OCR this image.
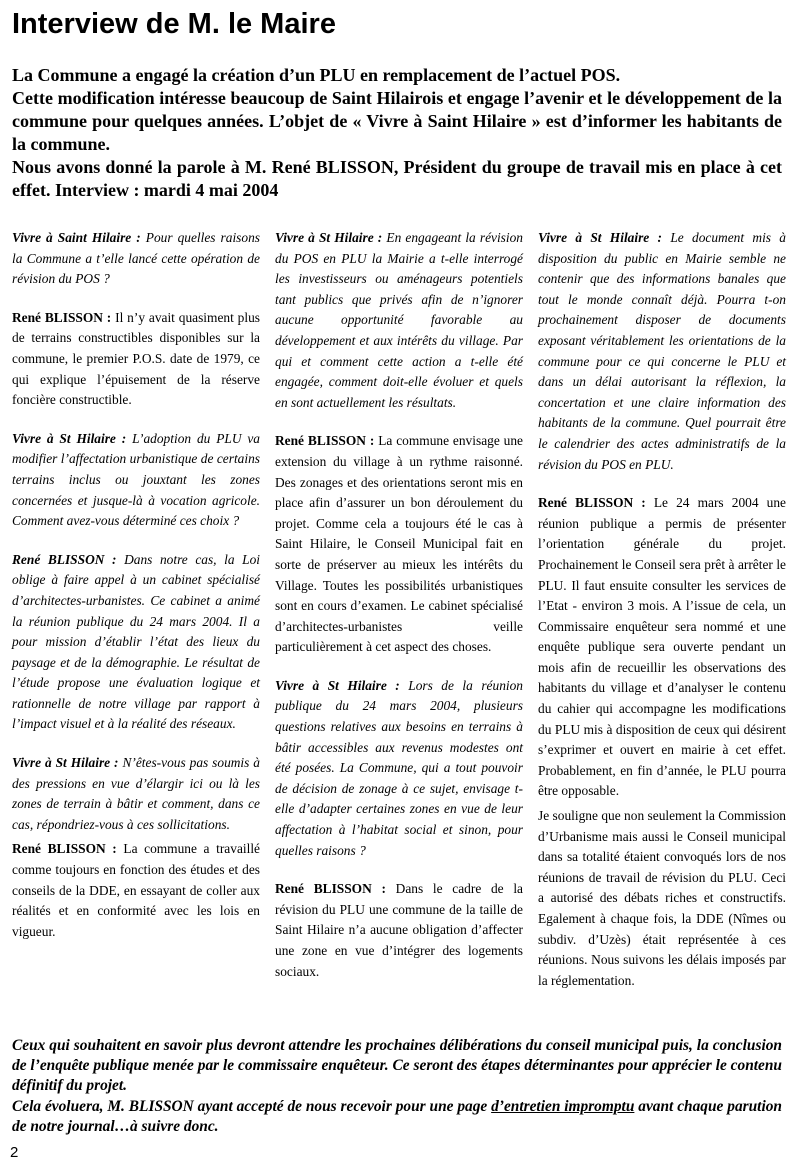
Interview de M. le Maire

La Commune a engagé la création d’un PLU en remplacement de l’actuel POS.

Cette modification intéresse beaucoup de Saint Hilairois et engage l’avenir et le développement de la commune pour quelques années. L’objet de « Vivre à Saint Hilaire » est d’informer les habitants de la commune.

Nous avons donné la parole à M. René BLISSON, Président du groupe de travail mis en place à cet effet. Interview : mardi 4 mai 2004

Vivre à Saint Hilaire : Pour quelles raisons la Commune a t’elle lancé cette opération de révision du POS ?

René BLISSON : Il n’y avait quasiment plus de terrains constructibles disponibles sur la commune, le premier P.O.S. date de 1979, ce qui explique l’épuisement de la réserve foncière constructible.

Vivre à St Hilaire : L’adoption du PLU va modifier l’affectation urbanistique de certains terrains inclus ou jouxtant les zones concernées et jusque-là à vocation agricole. Comment avez-vous déterminé ces choix ?

René BLISSON : Dans notre cas, la Loi oblige à faire appel à un cabinet spécialisé d’architectes-urbanistes. Ce cabinet a animé la réunion publique du 24 mars 2004. Il a pour mission d’établir l’état des lieux du paysage et de la démographie. Le résultat de l’étude propose une évaluation logique et rationnelle de notre village par rapport à l’impact visuel et à la réalité des réseaux.

Vivre à St Hilaire : N’êtes-vous pas soumis à des pressions en vue d’élargir ici ou là les zones de terrain à bâtir et comment, dans ce cas, répondriez-vous à ces sollicitations.

René BLISSON : La commune a travaillé comme toujours en fonction des études et des conseils de la DDE, en essayant de coller aux réalités et en conformité avec les lois en vigueur.

Vivre à St Hilaire : En engageant la révision du POS en PLU la Mairie a t-elle interrogé les investisseurs ou aménageurs potentiels tant publics que privés afin de n’ignorer aucune opportunité favorable au développement et aux intérêts du village. Par qui et comment cette action a t-elle été engagée, comment doit-elle évoluer et quels en sont actuellement les résultats.

René BLISSON : La commune envisage une extension du village à un rythme raisonné. Des zonages et des orientations seront mis en place afin d’assurer un bon déroulement du projet. Comme cela a toujours été le cas à Saint Hilaire, le Conseil Municipal fait en sorte de préserver au mieux les intérêts du Village. Toutes les possibilités urbanistiques sont en cours d’examen. Le cabinet spécialisé d’architectes-urbanistes veille particulièrement à cet aspect des choses.

Vivre à St Hilaire : Lors de la réunion publique du 24 mars 2004, plusieurs questions relatives aux besoins en terrains à bâtir accessibles aux revenus modestes ont été posées. La Commune, qui a tout pouvoir de décision de zonage à ce sujet, envisage t-elle d’adapter certaines zones en vue de leur affectation à l’habitat social et sinon, pour quelles raisons ?

René BLISSON : Dans le cadre de la révision du PLU une commune de la taille de Saint Hilaire n’a aucune obligation d’affecter une zone en vue d’intégrer des logements sociaux.

Vivre à St Hilaire : Le document mis à disposition du public en Mairie semble ne contenir que des informations banales que tout le monde connaît déjà. Pourra t-on prochainement disposer de documents exposant véritablement les orientations de la commune pour ce qui concerne le PLU et dans un délai autorisant la réflexion, la concertation et une claire information des habitants de la commune. Quel pourrait être le calendrier des actes administratifs de la révision du POS en PLU.

René BLISSON : Le 24 mars 2004 une réunion publique a permis de présenter l’orientation générale du projet. Prochainement le Conseil sera prêt à arrêter le PLU. Il faut ensuite consulter les services de l’Etat - environ 3 mois. A l’issue de cela, un Commissaire enquêteur sera nommé et une enquête publique sera ouverte pendant un mois afin de recueillir les observations des habitants du village et d’analyser le contenu du cahier qui accompagne les modifications du PLU mis à disposition de ceux qui désirent s’exprimer et ouvert en mairie à cet effet. Probablement, en fin d’année, le PLU pourra être opposable.

Je souligne que non seulement la Commission d’Urbanisme mais aussi le Conseil municipal dans sa totalité étaient convoqués lors de nos réunions de travail de révision du PLU. Ceci a autorisé des débats riches et constructifs. Egalement à chaque fois, la DDE (Nîmes ou subdiv. d’Uzès) était représentée à ces réunions. Nous suivons les délais imposés par la réglementation.

Ceux qui souhaitent en savoir plus devront attendre les prochaines délibérations du conseil municipal puis, la conclusion de l’enquête publique menée par le commissaire enquêteur. Ce seront des étapes déterminantes pour apprécier le contenu définitif du projet.

Cela évoluera, M. BLISSON ayant accepté de nous recevoir pour une page d’entretien impromptu avant chaque parution de notre journal…à suivre donc.

2
